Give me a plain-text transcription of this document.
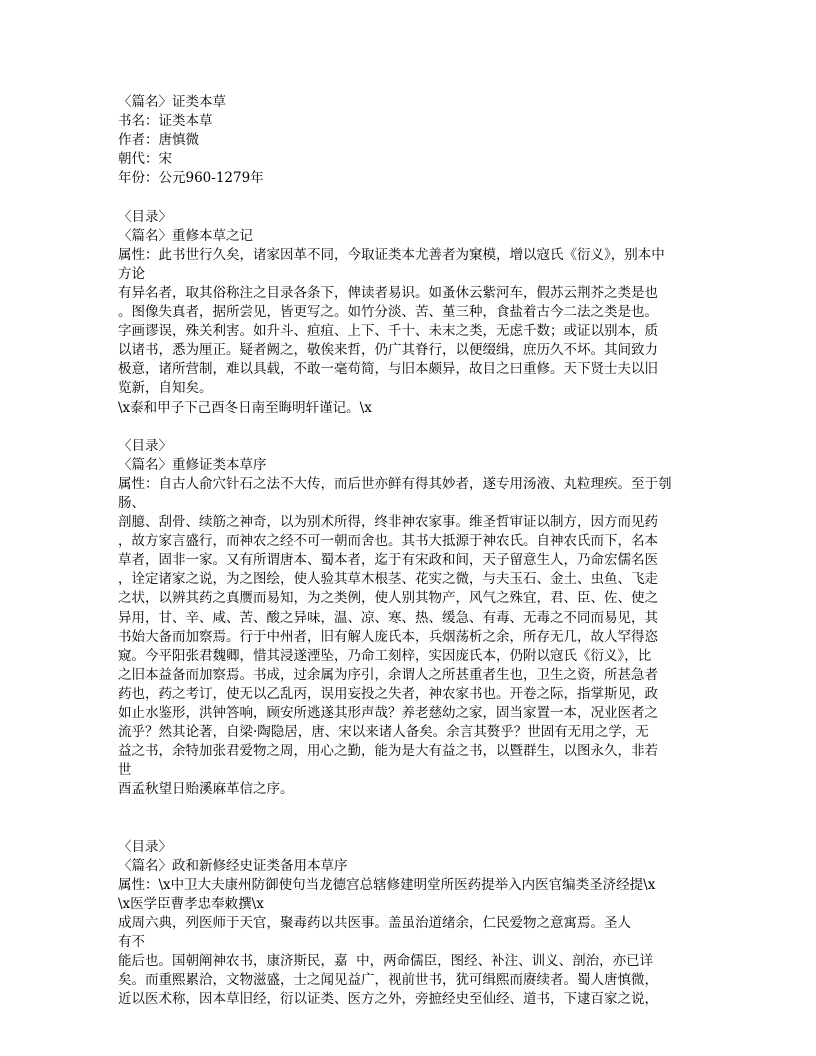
〈篇名〉证类本草
书名：证类本草
作者：唐慎微
朝代：宋
年份：公元960-1279年
〈目录〉
〈篇名〉重修本草之记
属性：此书世行久矣，诸家因革不同，今取证类本尤善者为窠模，增以寇氏《衍义》，别本中
方论
有异名者，取其俗称注之目录各条下，俾读者易识。如蚤休云紫河车，假苏云荆芥之类是也
。图像失真者，据所尝见，皆更写之。如竹分淡、苦、堇三种，食盐着古今二法之类是也。
字画谬误，殊关利害。如升斗、疸疽、上下、千十、未末之类，无虑千数；或证以别本，质
以诸书，悉为厘正。疑者阙之，敬俟来哲，仍广其脊行，以便缀缉，庶历久不坏。其间致力
极意，诸所营制，难以具载，不敢一毫苟简，与旧本颇异，故目之曰重修。天下贤士夫以旧
览新，自知矣。
\x泰和甲子下己酉冬日南至晦明轩谨记。\x
〈目录〉
〈篇名〉重修证类本草序
属性：自古人俞穴针石之法不大传，而后世亦鲜有得其妙者，遂专用汤液、丸粒理疾。至于刳
肠、
剖臆、刮骨、续筋之神奇，以为别术所得，终非神农家事。维圣哲审证以制方，因方而见药
，故方家言盛行，而神农之经不可一朝而舍也。其书大抵源于神农氏。自神农氏而下，名本
草者，固非一家。又有所谓唐本、蜀本者，迄于有宋政和间，天子留意生人，乃命宏儒名医
，诠定诸家之说，为之图绘，使人验其草木根茎、花实之微，与夫玉石、金土、虫鱼、飞走
之状，以辨其药之真赝而易知，为之类例，使人别其物产，风气之殊宜，君、臣、佐、使之
异用，甘、辛、咸、苦、酸之异味，温、凉、寒、热、缓急、有毒、无毒之不同而易见，其
书始大备而加察焉。行于中州者，旧有解人庞氏本，兵烟荡析之余，所存无几，故人罕得恣
窥。今平阳张君魏卿，惜其浸遂湮坠，乃命工刻梓，实因庞氏本，仍附以寇氏《衍义》，比
之旧本益备而加察焉。书成，过余属为序引，余谓人之所甚重者生也，卫生之资，所甚急者
药也，药之考订，使无以乙乱丙，误用妄投之失者，神农家书也。开卷之际，指掌斯见，政
如止水鉴形，洪钟答响，顾安所逃遂其形声哉？养老慈幼之家，固当家置一本，况业医者之
流乎？然其论著，自梁·陶隐居，唐、宋以来诸人备矣。余言其赘乎？世固有无用之学，无
益之书，余特加张君爱物之周，用心之勤，能为是大有益之书，以暨群生，以图永久，非若
世
酉孟秋望日贻溪麻革信之序。
〈目录〉
〈篇名〉政和新修经史证类备用本草序
属性：\x中卫大夫康州防御使句当龙德宫总辖修建明堂所医药提举入内医官编类圣济经提\x
\x医学臣曹孝忠奉敕撰\x
成周六典，列医师于天官，聚毒药以共医事。盖虽治道绪余，仁民爱物之意寓焉。圣人
有不
能后也。国朝阐神农书，康济斯民，嘉  中，两命儒臣，图经、补注、训义、剖治，亦已详
矣。而重熙累洽，文物滋盛，士之闻见益广，视前世书，犹可缉熙而赓续者。蜀人唐慎微，
近以医术称，因本草旧经，衍以证类、医方之外，旁摭经史至仙经、道书，下逮百家之说，
